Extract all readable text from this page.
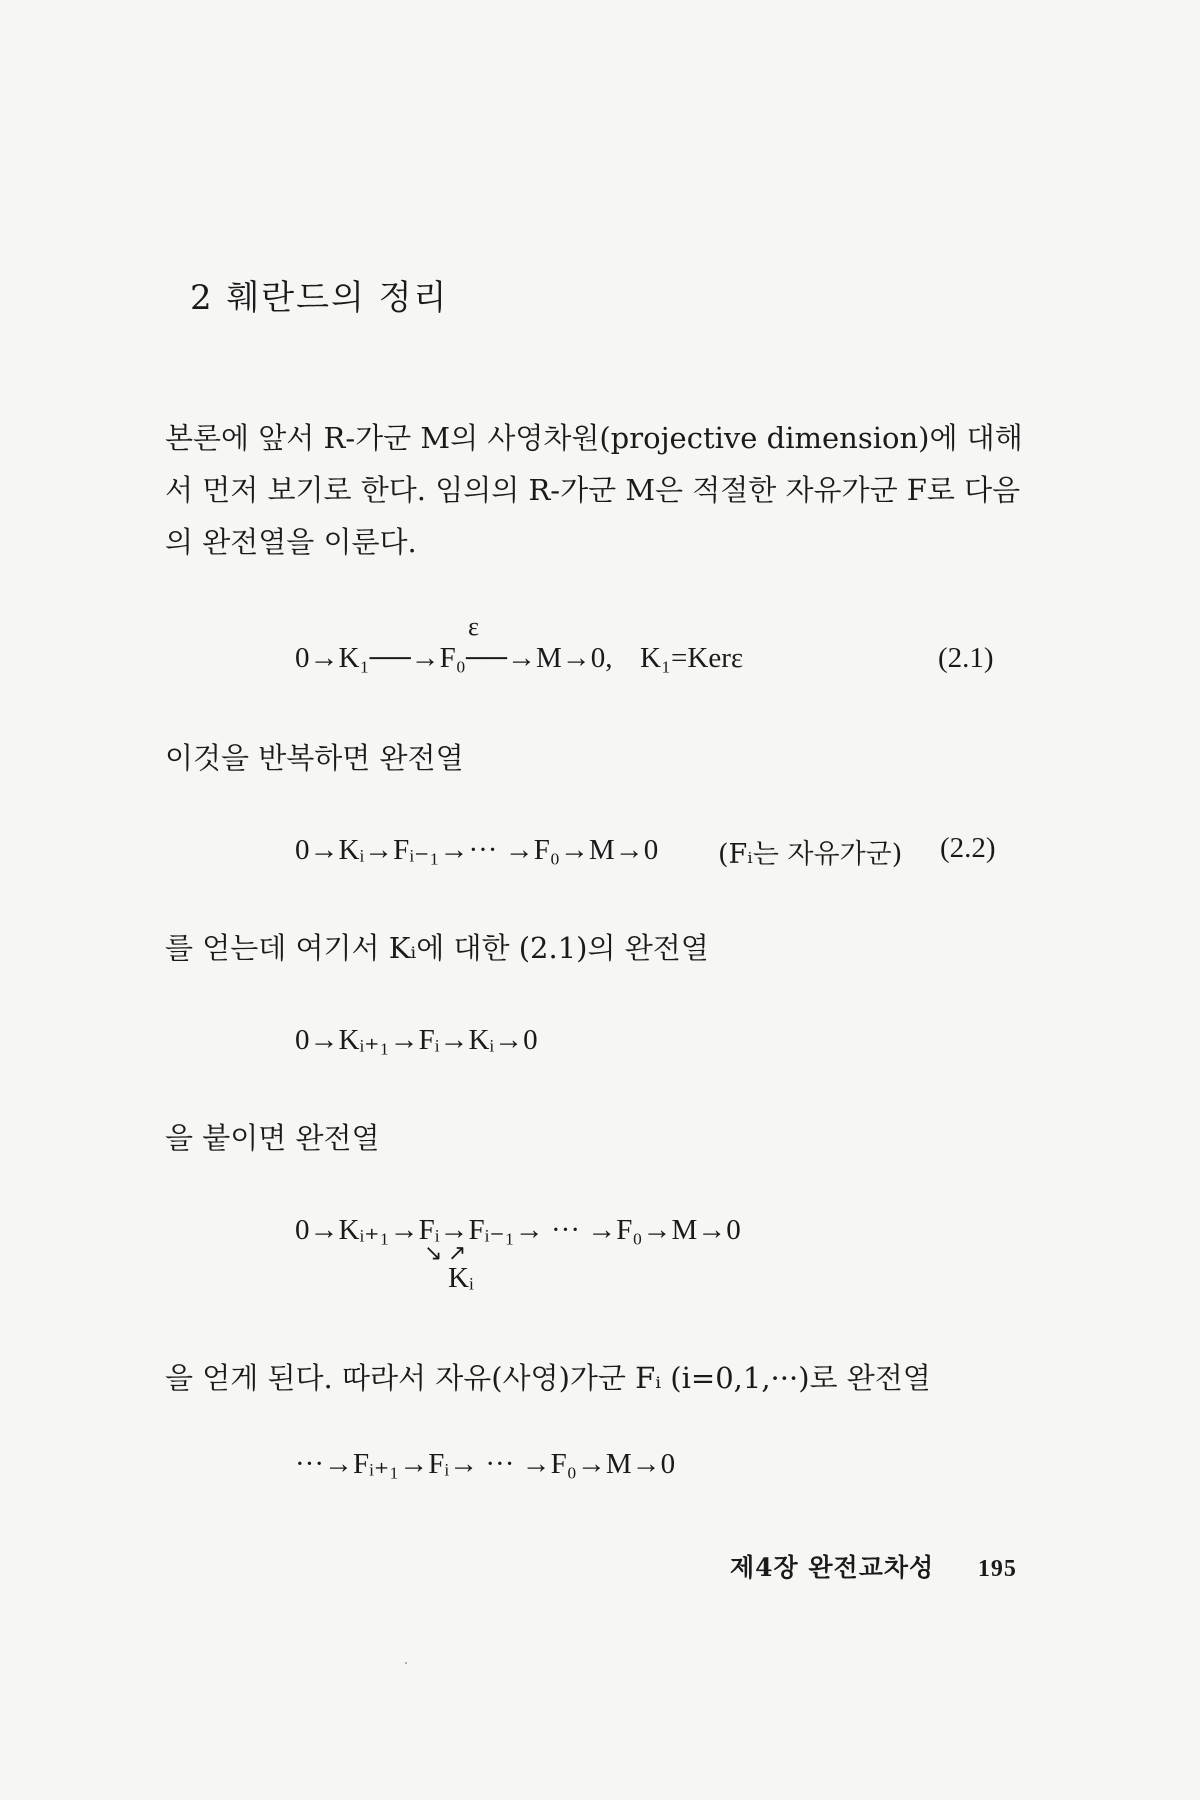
2 훼란드의 정리
본론에 앞서 R-가군 M의 사영차원(projective dimension)에 대해서 먼저 보기로 한다. 임의의 R-가군 M은 적절한 자유가군 F로 다음의 완전열을 이룬다.
ε
0→K₁──→F₀──→M→0, K₁=Kerε	(2.1)
이것을 반복하면 완전열
0→Kᵢ→Fᵢ₋₁→··· →F₀→M→0 (Fᵢ는 자유가군) (2.2)
를 얻는데 여기서 Kᵢ에 대한 (2.1)의 완전열
0→Kᵢ₊₁→Fᵢ→Kᵢ→0
을 붙이면 완전열
0→Kᵢ₊₁→Fᵢ→Fᵢ₋₁→ ··· →F₀→M→0
↘ ↗
Kᵢ
을 얻게 된다. 따라서 자유(사영)가군 Fᵢ (i=0,1,···)로 완전열
···→Fᵢ₊₁→Fᵢ→ ··· →F₀→M→0
제4장 완전교차성 195
